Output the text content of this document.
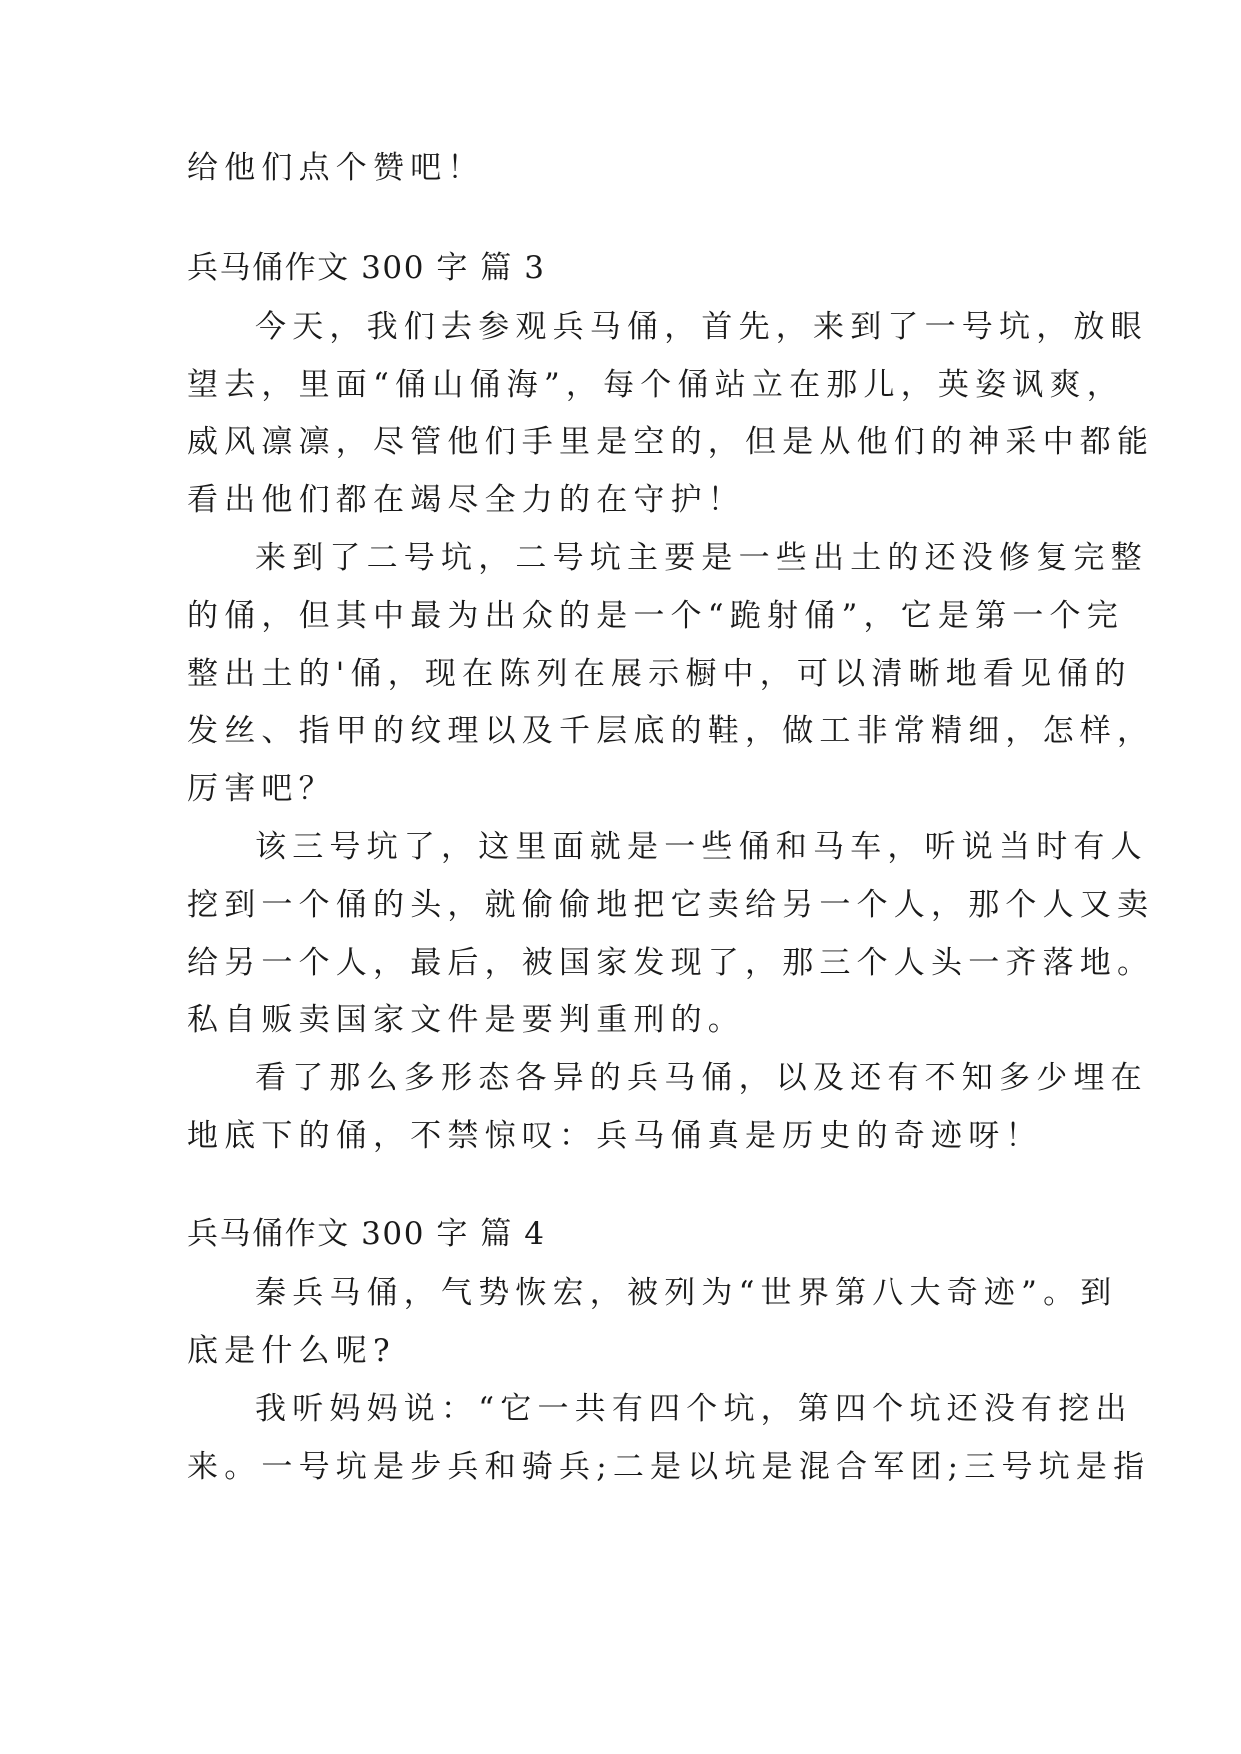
给他们点个赞吧！
兵马俑作文 300 字 篇 3
今天，我们去参观兵马俑，首先，来到了一号坑，放眼
望去，里面“俑山俑海”，每个俑站立在那儿，英姿讽爽，
威风凛凛，尽管他们手里是空的，但是从他们的神采中都能
看出他们都在竭尽全力的在守护！
来到了二号坑，二号坑主要是一些出土的还没修复完整
的俑，但其中最为出众的是一个“跪射俑”，它是第一个完
整出土的'俑，现在陈列在展示橱中，可以清晰地看见俑的
发丝、指甲的纹理以及千层底的鞋，做工非常精细，怎样，
厉害吧？
该三号坑了，这里面就是一些俑和马车，听说当时有人
挖到一个俑的头，就偷偷地把它卖给另一个人，那个人又卖
给另一个人，最后，被国家发现了，那三个人头一齐落地。
私自贩卖国家文件是要判重刑的。
看了那么多形态各异的兵马俑，以及还有不知多少埋在
地底下的俑，不禁惊叹：兵马俑真是历史的奇迹呀！
兵马俑作文 300 字 篇 4
秦兵马俑，气势恢宏，被列为“世界第八大奇迹”。到
底是什么呢?
我听妈妈说：“它一共有四个坑，第四个坑还没有挖出
来。一号坑是步兵和骑兵;二是以坑是混合军团;三号坑是指
